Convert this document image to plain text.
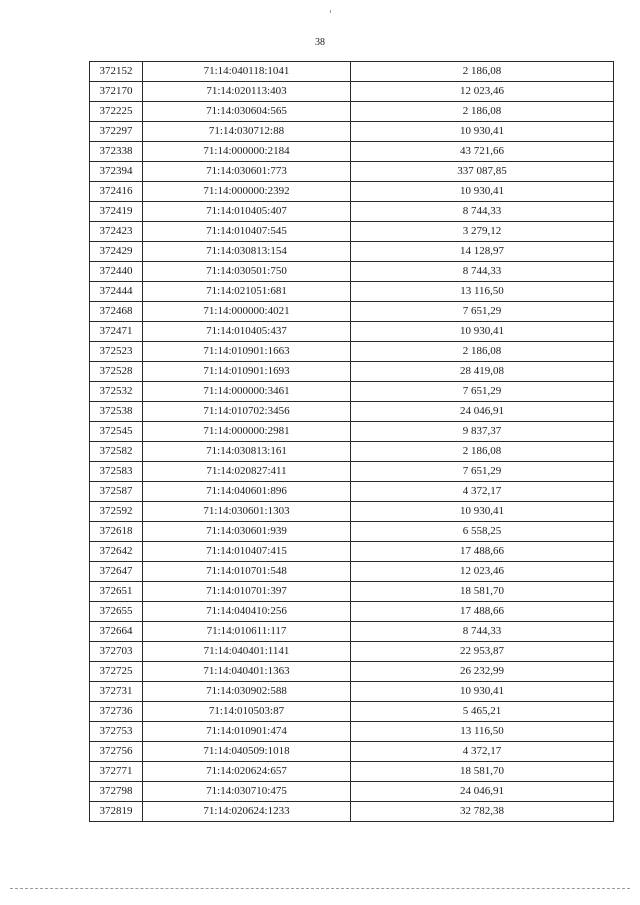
38
372152	71:14:040118:1041	2 186,08
372170	71:14:020113:403	12 023,46
372225	71:14:030604:565	2 186,08
372297	71:14:030712:88	10 930,41
372338	71:14:000000:2184	43 721,66
372394	71:14:030601:773	337 087,85
372416	71:14:000000:2392	10 930,41
372419	71:14:010405:407	8 744,33
372423	71:14:010407:545	3 279,12
372429	71:14:030813:154	14 128,97
372440	71:14:030501:750	8 744,33
372444	71:14:021051:681	13 116,50
372468	71:14:000000:4021	7 651,29
372471	71:14:010405:437	10 930,41
372523	71:14:010901:1663	2 186,08
372528	71:14:010901:1693	28 419,08
372532	71:14:000000:3461	7 651,29
372538	71:14:010702:3456	24 046,91
372545	71:14:000000:2981	9 837,37
372582	71:14:030813:161	2 186,08
372583	71:14:020827:411	7 651,29
372587	71:14:040601:896	4 372,17
372592	71:14:030601:1303	10 930,41
372618	71:14:030601:939	6 558,25
372642	71:14:010407:415	17 488,66
372647	71:14:010701:548	12 023,46
372651	71:14:010701:397	18 581,70
372655	71:14:040410:256	17 488,66
372664	71:14:010611:117	8 744,33
372703	71:14:040401:1141	22 953,87
372725	71:14:040401:1363	26 232,99
372731	71:14:030902:588	10 930,41
372736	71:14:010503:87	5 465,21
372753	71:14:010901:474	13 116,50
372756	71:14:040509:1018	4 372,17
372771	71:14:020624:657	18 581,70
372798	71:14:030710:475	24 046,91
372819	71:14:020624:1233	32 782,38
